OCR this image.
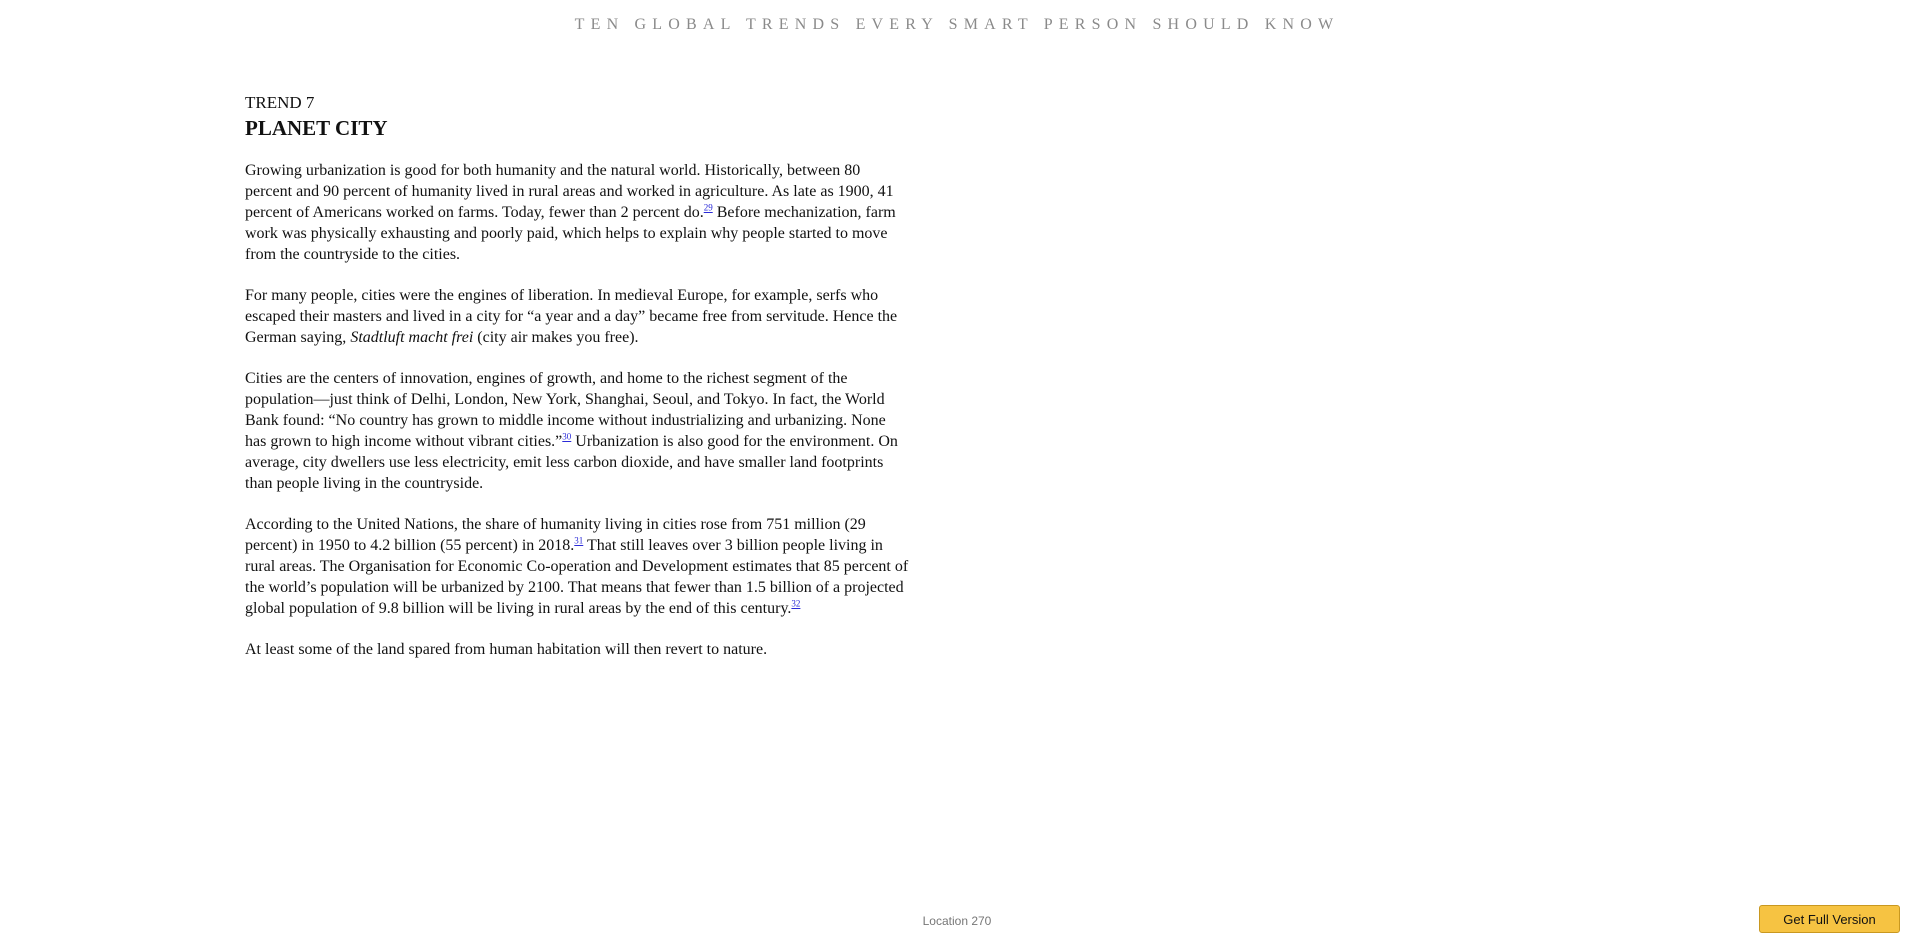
TEN GLOBAL TRENDS EVERY SMART PERSON SHOULD KNOW
TREND 7
PLANET CITY

Growing urbanization is good for both humanity and the natural world. Historically, between 80 percent and 90 percent of humanity lived in rural areas and worked in agriculture. As late as 1900, 41 percent of Americans worked on farms. Today, fewer than 2 percent do.$^{29}$ Before mechanization, farm work was physically exhausting and poorly paid, which helps to explain why people started to move from the countryside to the cities.

For many people, cities were the engines of liberation. In medieval Europe, for example, serfs who escaped their masters and lived in a city for “a year and a day” became free from servitude. Hence the German saying, Stadtluft macht frei (city air makes you free).

Cities are the centers of innovation, engines of growth, and home to the richest segment of the population—just think of Delhi, London, New York, Shanghai, Seoul, and Tokyo. In fact, the World Bank found: “No country has grown to middle income without industrializing and urbanizing. None has grown to high income without vibrant cities.”$^{30}$ Urbanization is also good for the environment. On average, city dwellers use less electricity, emit less carbon dioxide, and have smaller land footprints than people living in the countryside.

According to the United Nations, the share of humanity living in cities rose from 751 million (29 percent) in 1950 to 4.2 billion (55 percent) in 2018.31 That still leaves over 3 billion people living in rural areas. The Organisation for Economic Co-operation and Development estimates that 85 percent of the world’s population will be urbanized by 2100. That means that fewer than 1.5 billion of a projected global population of 9.8 billion will be living in rural areas by the end of this century.$^{32}$

At least some of the land spared from human habitation will then revert to nature.

Location 270	Get Full Version
